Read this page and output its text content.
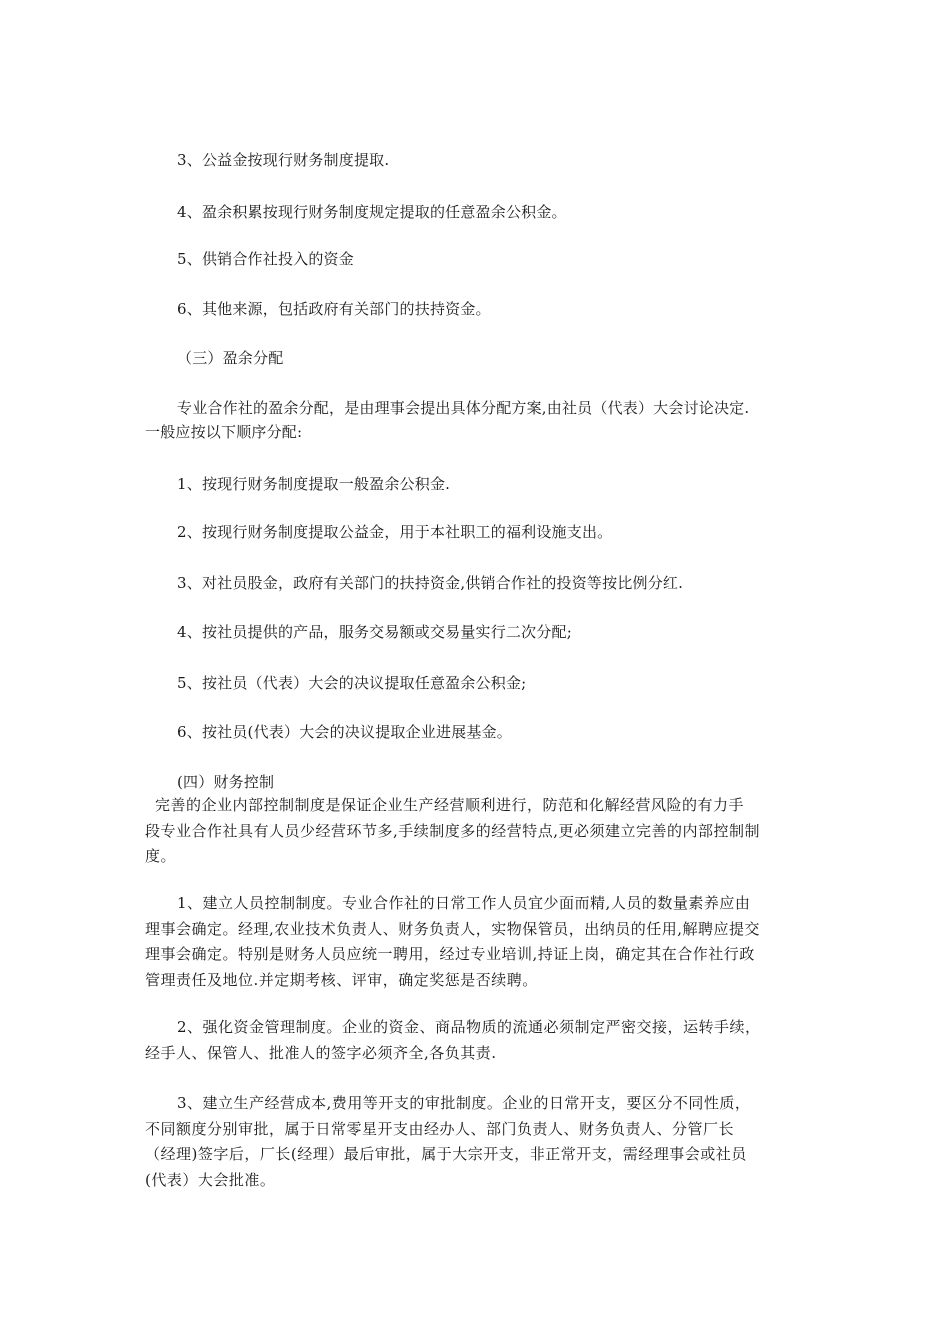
3、公益金按现行财务制度提取.

4、盈余积累按现行财务制度规定提取的任意盈余公积金。

5、供销合作社投入的资金

6、其他来源，包括政府有关部门的扶持资金。

（三）盈余分配

专业合作社的盈余分配，是由理事会提出具体分配方案,由社员（代表）大会讨论决定.

一般应按以下顺序分配:

1、按现行财务制度提取一般盈余公积金.

2、按现行财务制度提取公益金，用于本社职工的福利设施支出。

3、对社员股金，政府有关部门的扶持资金,供销合作社的投资等按比例分红.

4、按社员提供的产品，服务交易额或交易量实行二次分配;

5、按社员（代表）大会的决议提取任意盈余公积金;

6、按社员(代表）大会的决议提取企业进展基金。

(四）财务控制

完善的企业内部控制制度是保证企业生产经营顺利进行，防范和化解经营风险的有力手
段专业合作社具有人员少经营环节多,手续制度多的经营特点,更必须建立完善的内部控制制
度。
1、建立人员控制制度。专业合作社的日常工作人员宜少面而精,人员的数量素养应由
理事会确定。经理,农业技术负责人、财务负责人，实物保管员，出纳员的任用,解聘应提交
理事会确定。特别是财务人员应统一聘用，经过专业培训,持证上岗，确定其在合作社行政
管理责任及地位.并定期考核、评审，确定奖惩是否续聘。
2、强化资金管理制度。企业的资金、商品物质的流通必须制定严密交接，运转手续，
经手人、保管人、批准人的签字必须齐全,各负其责.
3、建立生产经营成本,费用等开支的审批制度。企业的日常开支，要区分不同性质，
不同额度分别审批，属于日常零星开支由经办人、部门负责人、财务负责人、分管厂长
（经理)签字后，厂长(经理）最后审批，属于大宗开支，非正常开支，需经理事会或社员
(代表）大会批准。
